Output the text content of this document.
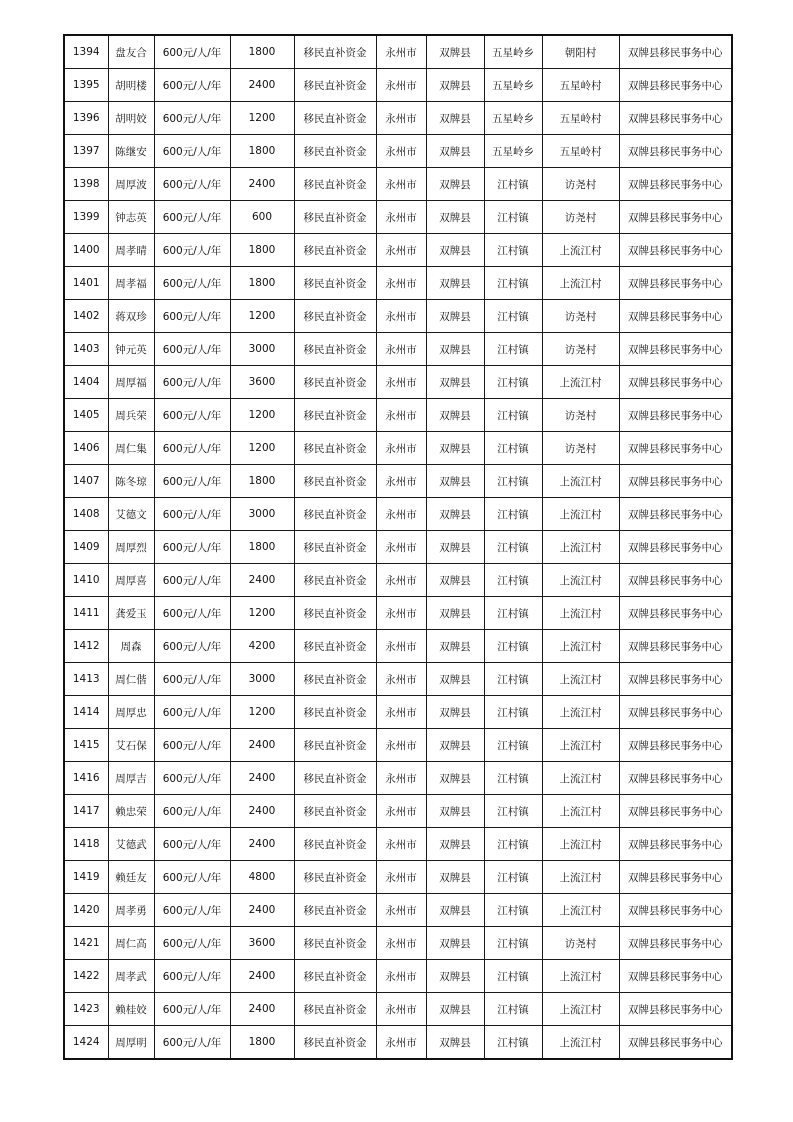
1394	盘友合	600元/人/年	1800	移民直补资金	永州市	双牌县	五星岭乡	朝阳村	双牌县移民事务中心
1395	胡明楼	600元/人/年	2400	移民直补资金	永州市	双牌县	五星岭乡	五星岭村	双牌县移民事务中心
1396	胡明姣	600元/人/年	1200	移民直补资金	永州市	双牌县	五星岭乡	五星岭村	双牌县移民事务中心
1397	陈继安	600元/人/年	1800	移民直补资金	永州市	双牌县	五星岭乡	五星岭村	双牌县移民事务中心
1398	周厚波	600元/人/年	2400	移民直补资金	永州市	双牌县	江村镇	访尧村	双牌县移民事务中心
1399	钟志英	600元/人/年	600	移民直补资金	永州市	双牌县	江村镇	访尧村	双牌县移民事务中心
1400	周孝晴	600元/人/年	1800	移民直补资金	永州市	双牌县	江村镇	上流江村	双牌县移民事务中心
1401	周孝福	600元/人/年	1800	移民直补资金	永州市	双牌县	江村镇	上流江村	双牌县移民事务中心
1402	蒋双珍	600元/人/年	1200	移民直补资金	永州市	双牌县	江村镇	访尧村	双牌县移民事务中心
1403	钟元英	600元/人/年	3000	移民直补资金	永州市	双牌县	江村镇	访尧村	双牌县移民事务中心
1404	周厚福	600元/人/年	3600	移民直补资金	永州市	双牌县	江村镇	上流江村	双牌县移民事务中心
1405	周兵荣	600元/人/年	1200	移民直补资金	永州市	双牌县	江村镇	访尧村	双牌县移民事务中心
1406	周仁集	600元/人/年	1200	移民直补资金	永州市	双牌县	江村镇	访尧村	双牌县移民事务中心
1407	陈冬琼	600元/人/年	1800	移民直补资金	永州市	双牌县	江村镇	上流江村	双牌县移民事务中心
1408	艾德文	600元/人/年	3000	移民直补资金	永州市	双牌县	江村镇	上流江村	双牌县移民事务中心
1409	周厚烈	600元/人/年	1800	移民直补资金	永州市	双牌县	江村镇	上流江村	双牌县移民事务中心
1410	周厚喜	600元/人/年	2400	移民直补资金	永州市	双牌县	江村镇	上流江村	双牌县移民事务中心
1411	龚爱玉	600元/人/年	1200	移民直补资金	永州市	双牌县	江村镇	上流江村	双牌县移民事务中心
1412	周森	600元/人/年	4200	移民直补资金	永州市	双牌县	江村镇	上流江村	双牌县移民事务中心
1413	周仁偕	600元/人/年	3000	移民直补资金	永州市	双牌县	江村镇	上流江村	双牌县移民事务中心
1414	周厚忠	600元/人/年	1200	移民直补资金	永州市	双牌县	江村镇	上流江村	双牌县移民事务中心
1415	艾石保	600元/人/年	2400	移民直补资金	永州市	双牌县	江村镇	上流江村	双牌县移民事务中心
1416	周厚吉	600元/人/年	2400	移民直补资金	永州市	双牌县	江村镇	上流江村	双牌县移民事务中心
1417	赖忠荣	600元/人/年	2400	移民直补资金	永州市	双牌县	江村镇	上流江村	双牌县移民事务中心
1418	艾德武	600元/人/年	2400	移民直补资金	永州市	双牌县	江村镇	上流江村	双牌县移民事务中心
1419	赖廷友	600元/人/年	4800	移民直补资金	永州市	双牌县	江村镇	上流江村	双牌县移民事务中心
1420	周孝勇	600元/人/年	2400	移民直补资金	永州市	双牌县	江村镇	上流江村	双牌县移民事务中心
1421	周仁高	600元/人/年	3600	移民直补资金	永州市	双牌县	江村镇	访尧村	双牌县移民事务中心
1422	周孝武	600元/人/年	2400	移民直补资金	永州市	双牌县	江村镇	上流江村	双牌县移民事务中心
1423	赖桂姣	600元/人/年	2400	移民直补资金	永州市	双牌县	江村镇	上流江村	双牌县移民事务中心
1424	周厚明	600元/人/年	1800	移民直补资金	永州市	双牌县	江村镇	上流江村	双牌县移民事务中心
